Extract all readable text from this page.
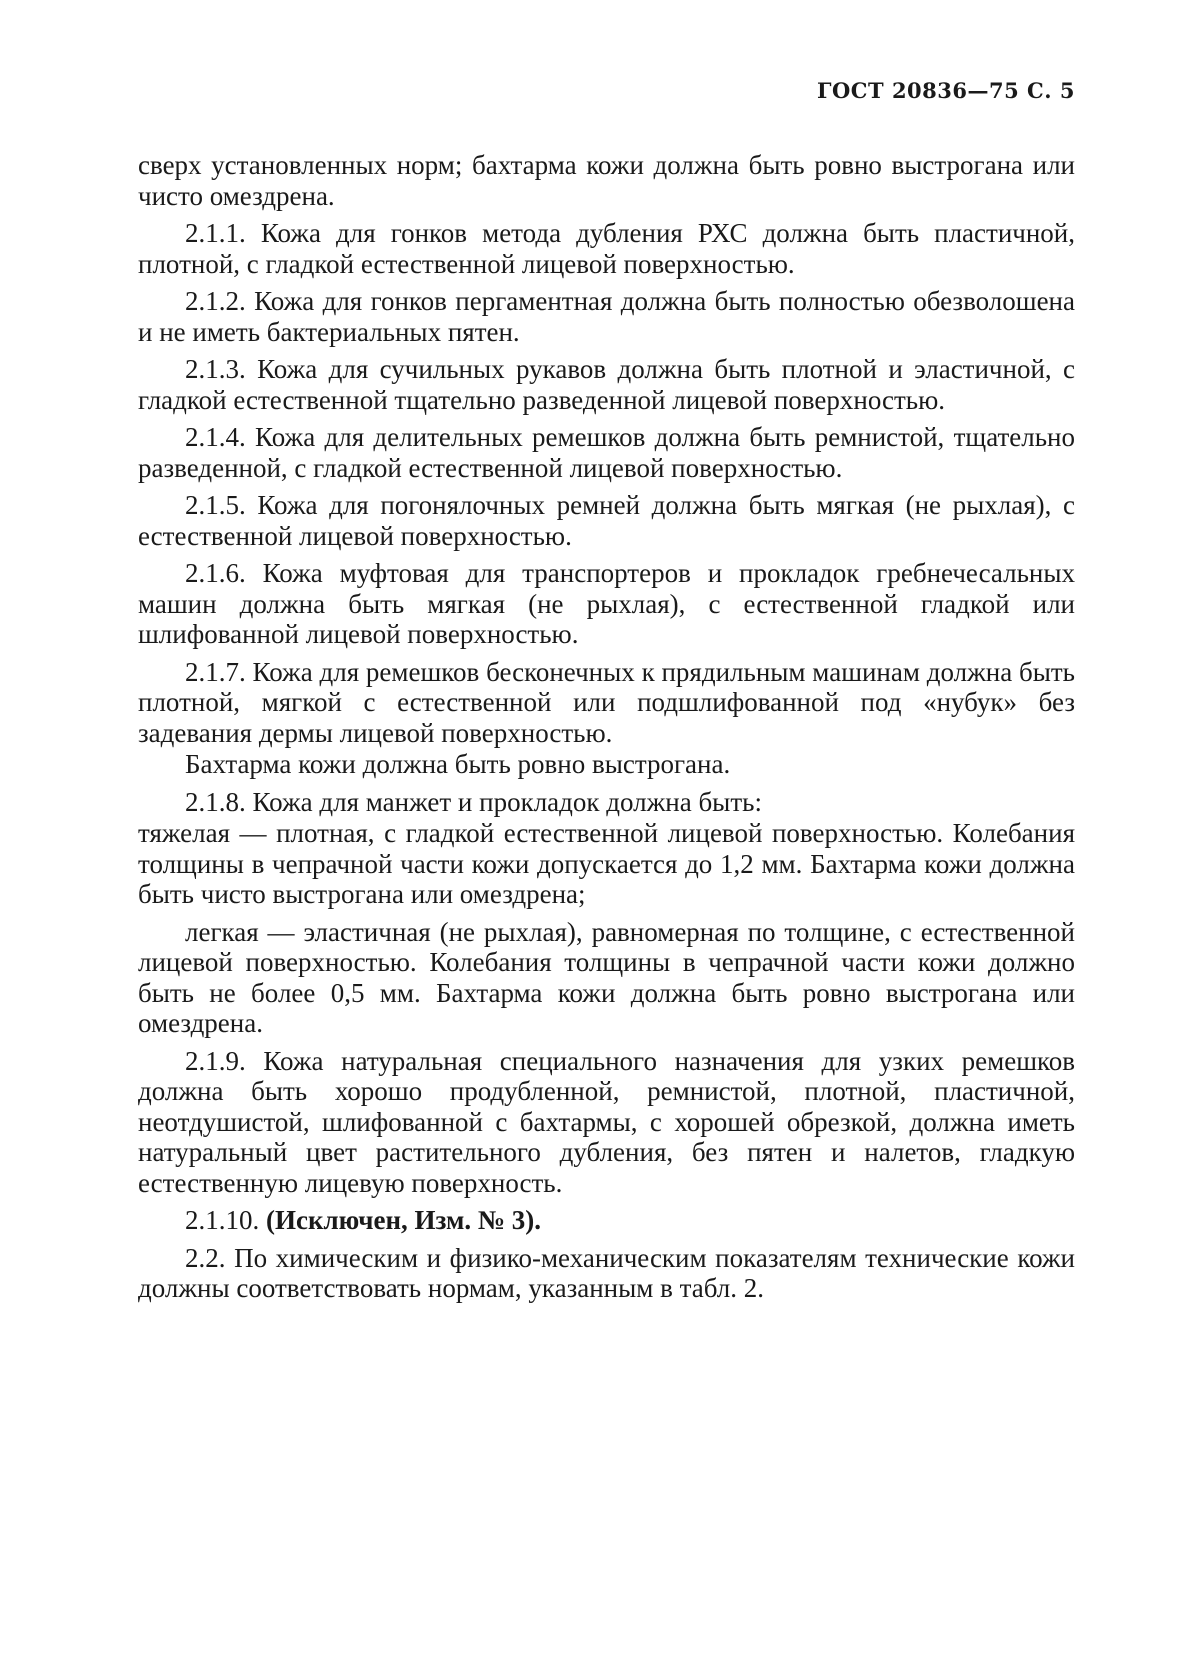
ГОСТ 20836—75 С. 5

сверх установленных норм; бахтарма кожи должна быть ровно выстрогана или чисто омездрена.

2.1.1. Кожа для гонков метода дубления РХС должна быть пластичной, плотной, с гладкой естественной лицевой поверхностью.

2.1.2. Кожа для гонков пергаментная должна быть полностью обезволошена и не иметь бактериальных пятен.

2.1.3. Кожа для сучильных рукавов должна быть плотной и эластичной, с гладкой естественной тщательно разведенной лицевой поверхностью.

2.1.4. Кожа для делительных ремешков должна быть ремнистой, тщательно разведенной, с гладкой естественной лицевой поверхностью.

2.1.5. Кожа для погонялочных ремней должна быть мягкая (не рыхлая), с естественной лицевой поверхностью.

2.1.6. Кожа муфтовая для транспортеров и прокладок гребнечесальных машин должна быть мягкая (не рыхлая), с естественной гладкой или шлифованной лицевой поверхностью.

2.1.7. Кожа для ремешков бесконечных к прядильным машинам должна быть плотной, мягкой с естественной или подшлифованной под «нубук» без задевания дермы лицевой поверхностью.

Бахтарма кожи должна быть ровно выстрогана.

2.1.8. Кожа для манжет и прокладок должна быть:

тяжелая — плотная, с гладкой естественной лицевой поверхностью. Колебания толщины в чепрачной части кожи допускается до 1,2 мм. Бахтарма кожи должна быть чисто выстрогана или омездрена;

легкая — эластичная (не рыхлая), равномерная по толщине, с естественной лицевой поверхностью. Колебания толщины в чепрачной части кожи должно быть не более 0,5 мм. Бахтарма кожи должна быть ровно выстрогана или омездрена.

2.1.9. Кожа натуральная специального назначения для узких ремешков должна быть хорошо продубленной, ремнистой, плотной, пластичной, неотдушистой, шлифованной с бахтармы, с хорошей обрезкой, должна иметь натуральный цвет растительного дубления, без пятен и налетов, гладкую естественную лицевую поверхность.

2.1.10. (Исключен, Изм. № 3).

2.2. По химическим и физико-механическим показателям технические кожи должны соответствовать нормам, указанным в табл. 2.
